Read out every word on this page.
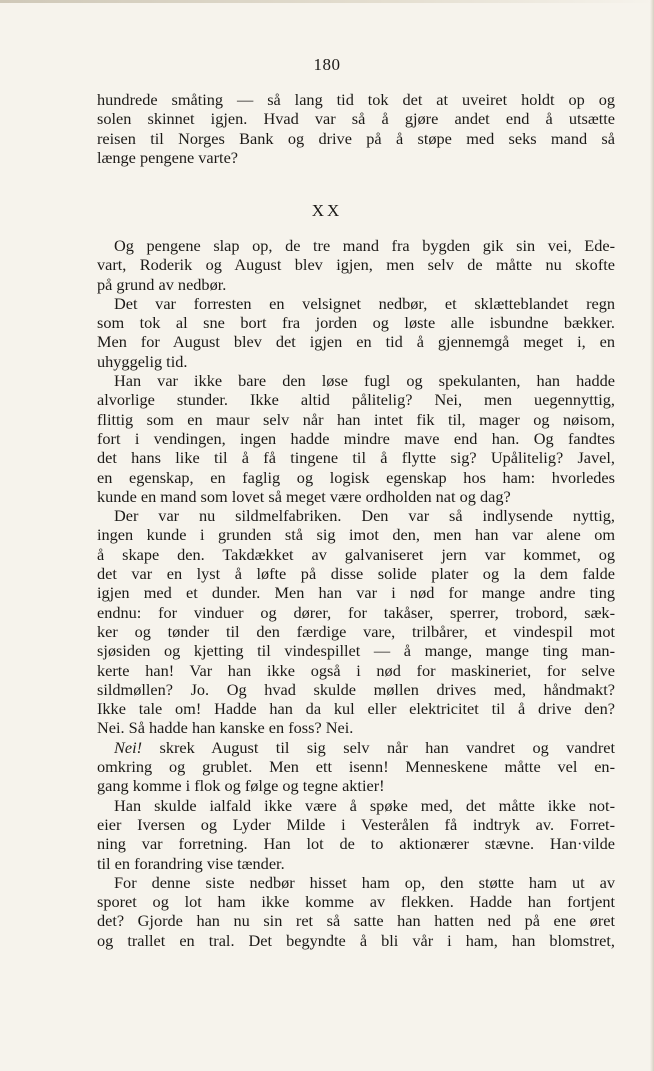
180

hundrede småting — så lang tid tok det at uveiret holdt op og
solen skinnet igjen. Hvad var så å gjøre andet end å utsætte
reisen til Norges Bank og drive på å støpe med seks mand så
længe pengene varte?

XX

Og pengene slap op, de tre mand fra bygden gik sin vei, Ede-
vart, Roderik og August blev igjen, men selv de måtte nu skofte
på grund av nedbør.

Det var forresten en velsignet nedbør, et sklætteblandet regn
som tok al sne bort fra jorden og løste alle isbundne bækker.
Men for August blev det igjen en tid å gjennemgå meget i, en
uhyggelig tid.

Han var ikke bare den løse fugl og spekulanten, han hadde
alvorlige stunder. Ikke altid pålitelig? Nei, men uegennyttig,
flittig som en maur selv når han intet fik til, mager og nøisom,
fort i vendingen, ingen hadde mindre mave end han. Og fandtes
det hans like til å få tingene til å flytte sig? Upålitelig? Javel,
en egenskap, en faglig og logisk egenskap hos ham: hvorledes
kunde en mand som lovet så meget være ordholden nat og dag?

Der var nu sildmelfabriken. Den var så indlysende nyttig,
ingen kunde i grunden stå sig imot den, men han var alene om
å skape den. Takdækket av galvaniseret jern var kommet, og
det var en lyst å løfte på disse solide plater og la dem falde
igjen med et dunder. Men han var i nød for mange andre ting
endnu: for vinduer og dører, for takåser, sperrer, trobord, sæk-
ker og tønder til den færdige vare, trilbårer, et vindespil mot
sjøsiden og kjetting til vindespillet — å mange, mange ting man-
kerte han! Var han ikke også i nød for maskineriet, for selve
sildmøllen? Jo. Og hvad skulde møllen drives med, håndmakt?
Ikke tale om! Hadde han da kul eller elektricitet til å drive den?
Nei. Så hadde han kanske en foss? Nei.

Nei! skrek August til sig selv når han vandret og vandret
omkring og grublet. Men ett isenn! Menneskene måtte vel en-
gang komme i flok og følge og tegne aktier!

Han skulde ialfald ikke være å spøke med, det måtte ikke not-
eier Iversen og Lyder Milde i Vesterålen få indtryk av. Forret-
ning var forretning. Han lot de to aktionærer stævne. Han·vilde
til en forandring vise tænder.

For denne siste nedbør hisset ham op, den støtte ham ut av
sporet og lot ham ikke komme av flekken. Hadde han fortjent
det? Gjorde han nu sin ret så satte han hatten ned på ene øret
og trallet en tral. Det begyndte å bli vår i ham, han blomstret,
